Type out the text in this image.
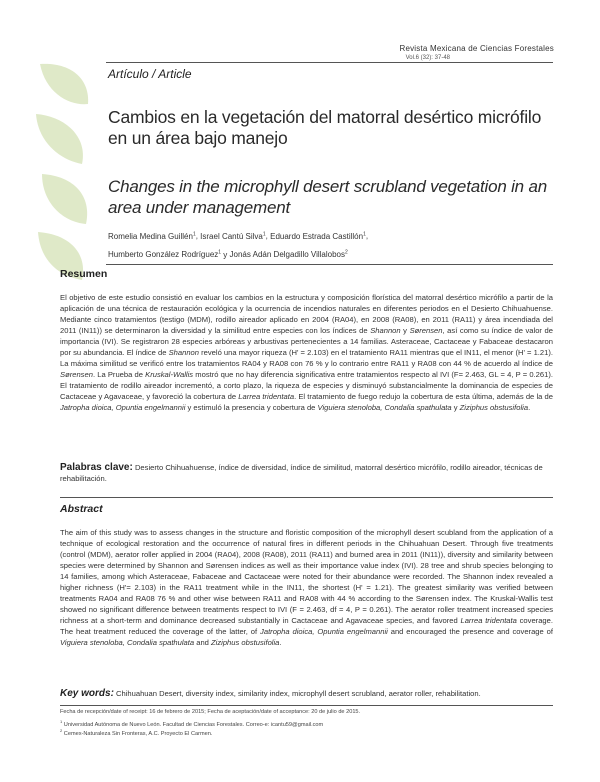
Revista Mexicana de Ciencias Forestales
Vol.6 (32): 37-48
Artículo / Article
Cambios en la vegetación del matorral desértico micrófilo en un área bajo manejo
Changes in the microphyll desert scrubland vegetation in an area under management
Romelia Medina Guillén$^1$, Israel Cantú Silva$^1$, Eduardo Estrada Castillón$^1$,
Humberto González Rodríguez$^1$ y Jonás Adán Delgadillo Villalobos$^2$
Resumen
El objetivo de este estudio consistió en evaluar los cambios en la estructura y composición florística del matorral desértico micrófilo a partir de la aplicación de una técnica de restauración ecológica y la ocurrencia de incendios naturales en diferentes periodos en el Desierto Chihuahuense. Mediante cinco tratamientos (testigo (MDM), rodillo aireador aplicado en 2004 (RA04), en 2008 (RA08), en 2011 (RA11) y área incendiada del 2011 (IN11)) se determinaron la diversidad y la similitud entre especies con los índices de Shannon y Sørensen, así como su índice de valor de importancia (IVI). Se registraron 28 especies arbóreas y arbustivas pertenecientes a 14 familias. Asteraceae, Cactaceae y Fabaceae destacaron por su abundancia. El índice de Shannon reveló una mayor riqueza (H' = 2.103) en el tratamiento RA11 mientras que el IN11, el menor (H' = 1.21). La máxima similitud se verificó entre los tratamientos RA04 y RA08 con 76 % y lo contrario entre RA11 y RA08 con 44 % de acuerdo al índice de Sørensen. La Prueba de Kruskal-Wallis mostró que no hay diferencia significativa entre tratamientos respecto al IVI (F= 2.463, GL = 4, P = 0.261). El tratamiento de rodillo aireador incrementó, a corto plazo, la riqueza de especies y disminuyó substancialmente la dominancia de especies de Cactaceae y Agavaceae, y favoreció la cobertura de Larrea tridentata. El tratamiento de fuego redujo la cobertura de esta última, además de la de Jatropha dioica, Opuntia engelmannii y estimuló la presencia y cobertura de Viguiera stenoloba, Condalia spathulata y Ziziphus obstusifolia.
Palabras clave: Desierto Chihuahuense, índice de diversidad, índice de similitud, matorral desértico micrófilo, rodillo aireador, técnicas de rehabilitación.
Abstract
The aim of this study was to assess changes in the structure and floristic composition of the microphyll desert scubland from the application of a technique of ecological restoration and the occurrence of natural fires in different periods in the Chihuahuan Desert. Through five treatments (control (MDM), aerator roller applied in 2004 (RA04), 2008 (RA08), 2011 (RA11) and burned area in 2011 (IN11)), diversity and similarity between species were determined by Shannon and Sørensen indices as well as their importance value index (IVI). 28 tree and shrub species belonging to 14 families, among which Asteraceae, Fabaceae and Cactaceae were noted for their abundance were recorded. The Shannon index revealed a higher richness (H'= 2.103) in the RA11 treatment while in the IN11, the shortest (H' = 1.21). The greatest similarity was verified between treatments RA04 and RA08 76 % and other wise between RA11 and RA08 with 44 % according to the Sørensen index. The Kruskal-Wallis test showed no significant difference between treatments respect to IVI (F = 2.463, df = 4, P = 0.261). The aerator roller treatment increased species richness at a short-term and dominance decreased substantially in Cactaceae and Agavaceae species, and favored Larrea tridentata coverage. The heat treatment reduced the coverage of the latter, of Jatropha dioica, Opuntia engelmannii and encouraged the presence and coverage of Viguiera stenoloba, Condalia spathulata and Ziziphus obstusifolia.
Key words: Chihuahuan Desert, diversity index, similarity index, microphyll desert scrubland, aerator roller, rehabilitation.
Fecha de recepción/date of receipt: 16 de febrero de 2015; Fecha de aceptación/date of acceptance: 20 de julio de 2015.
$^1$ Universidad Autónoma de Nuevo León. Facultad de Ciencias Forestales. Correo-e: icantu59@gmail.com
$^2$ Cemex-Naturaleza Sin Fronteras, A.C. Proyecto El Carmen.
